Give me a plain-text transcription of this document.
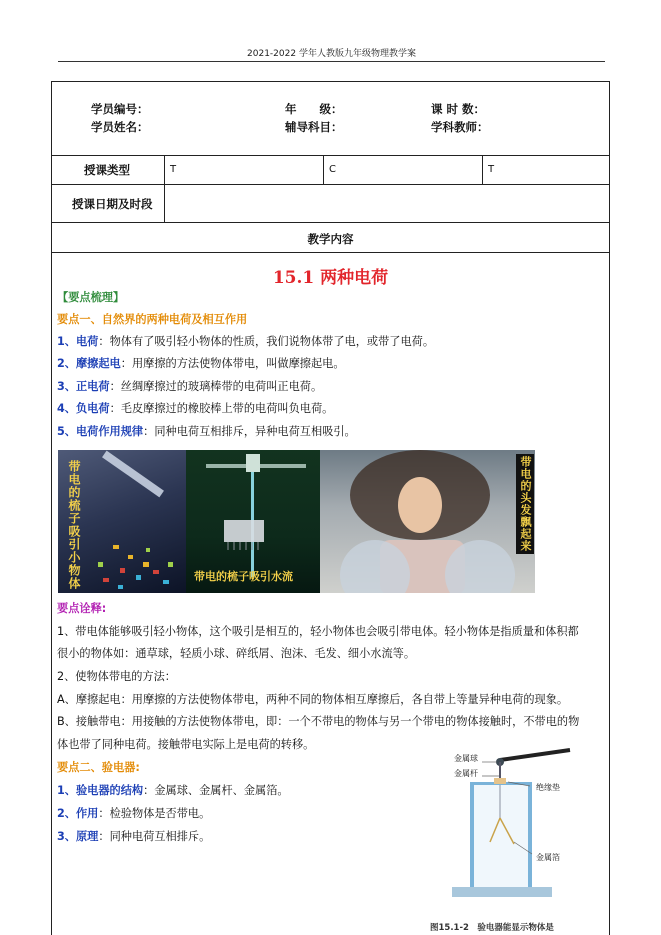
2021-2022 学年人教版九年级物理教学案
学员编号：	年　　级：	课 时 数：
学员姓名：	辅导科目：	学科教师：
授课类型	T	C	T
授课日期及时段
教学内容
15.1 两种电荷
【要点梳理】
要点一、自然界的两种电荷及相互作用
1、电荷：物体有了吸引轻小物体的性质，我们说物体带了电，或带了电荷。
2、摩擦起电：用摩擦的方法使物体带电，叫做摩擦起电。
3、正电荷：丝绸摩擦过的玻璃棒带的电荷叫正电荷。
4、负电荷：毛皮摩擦过的橡胶棒上带的电荷叫负电荷。
5、电荷作用规律：同种电荷互相排斥，异种电荷互相吸引。
带电的梳子吸引小物体	带电的梳子吸引水流
带电的头发飘起来
要点诠释:
1、带电体能够吸引轻小物体，这个吸引是相互的，轻小物体也会吸引带电体。轻小物体是指质量和体积都
很小的物体如：通草球，轻质小球、碎纸屑、泡沫、毛发、细小水流等。
2、使物体带电的方法：
A、摩擦起电：用摩擦的方法使物体带电，两种不同的物体相互摩擦后，各自带上等量异种电荷的现象。
B、接触带电：用接触的方法使物体带电，即：一个不带电的物体与另一个带电的物体接触时，不带电的物
体也带了同种电荷。接触带电实际上是电荷的转移。
要点二、验电器:
1、验电器的结构：金属球、金属杆、金属箔。
2、作用：检验物体是否带电。
3、原理：同种电荷互相排斥。
金属球
金属杆
绝缘垫
金属箔
图15.1-2　验电器能显示物体是
